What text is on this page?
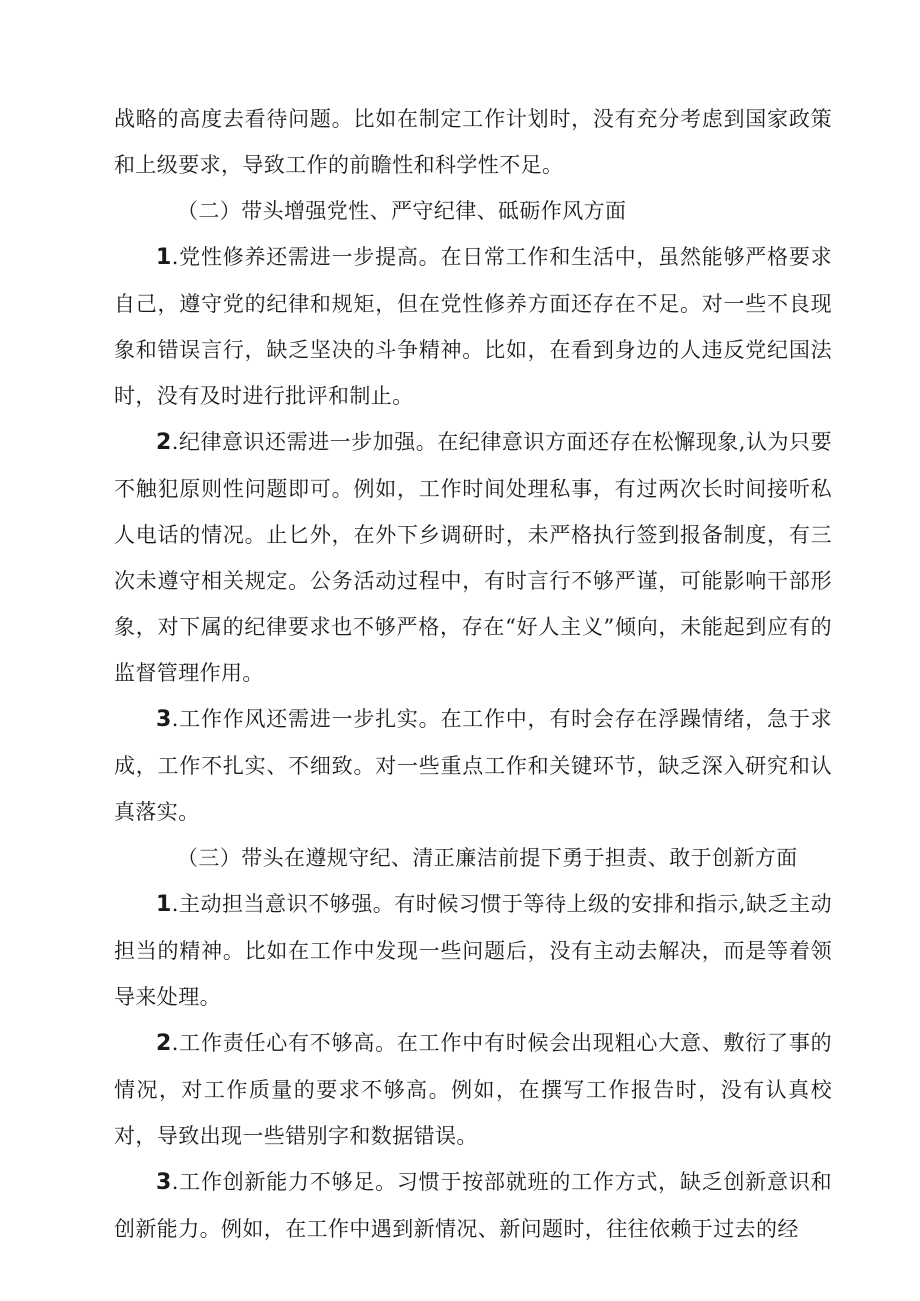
战略的高度去看待问题。比如在制定工作计划时，没有充分考虑到国家政策和上级要求，导致工作的前瞻性和科学性不足。

（二）带头增强党性、严守纪律、砥砺作风方面

1.党性修养还需进一步提高。在日常工作和生活中，虽然能够严格要求自己，遵守党的纪律和规矩，但在党性修养方面还存在不足。对一些不良现象和错误言行，缺乏坚决的斗争精神。比如，在看到身边的人违反党纪国法时，没有及时进行批评和制止。

2.纪律意识还需进一步加强。在纪律意识方面还存在松懈现象,认为只要不触犯原则性问题即可。例如，工作时间处理私事，有过两次长时间接听私人电话的情况。止匕外，在外下乡调研时，未严格执行签到报备制度，有三次未遵守相关规定。公务活动过程中，有时言行不够严谨，可能影响干部形象，对下属的纪律要求也不够严格，存在“好人主义”倾向，未能起到应有的监督管理作用。

3.工作作风还需进一步扎实。在工作中，有时会存在浮躁情绪，急于求成，工作不扎实、不细致。对一些重点工作和关键环节，缺乏深入研究和认真落实。

（三）带头在遵规守纪、清正廉洁前提下勇于担责、敢于创新方面

1.主动担当意识不够强。有时候习惯于等待上级的安排和指示,缺乏主动担当的精神。比如在工作中发现一些问题后，没有主动去解决，而是等着领导来处理。

2.工作责任心有不够高。在工作中有时候会出现粗心大意、敷衍了事的情况，对工作质量的要求不够高。例如，在撰写工作报告时，没有认真校对，导致出现一些错别字和数据错误。

3.工作创新能力不够足。习惯于按部就班的工作方式，缺乏创新意识和创新能力。例如，在工作中遇到新情况、新问题时，往往依赖于过去的经
